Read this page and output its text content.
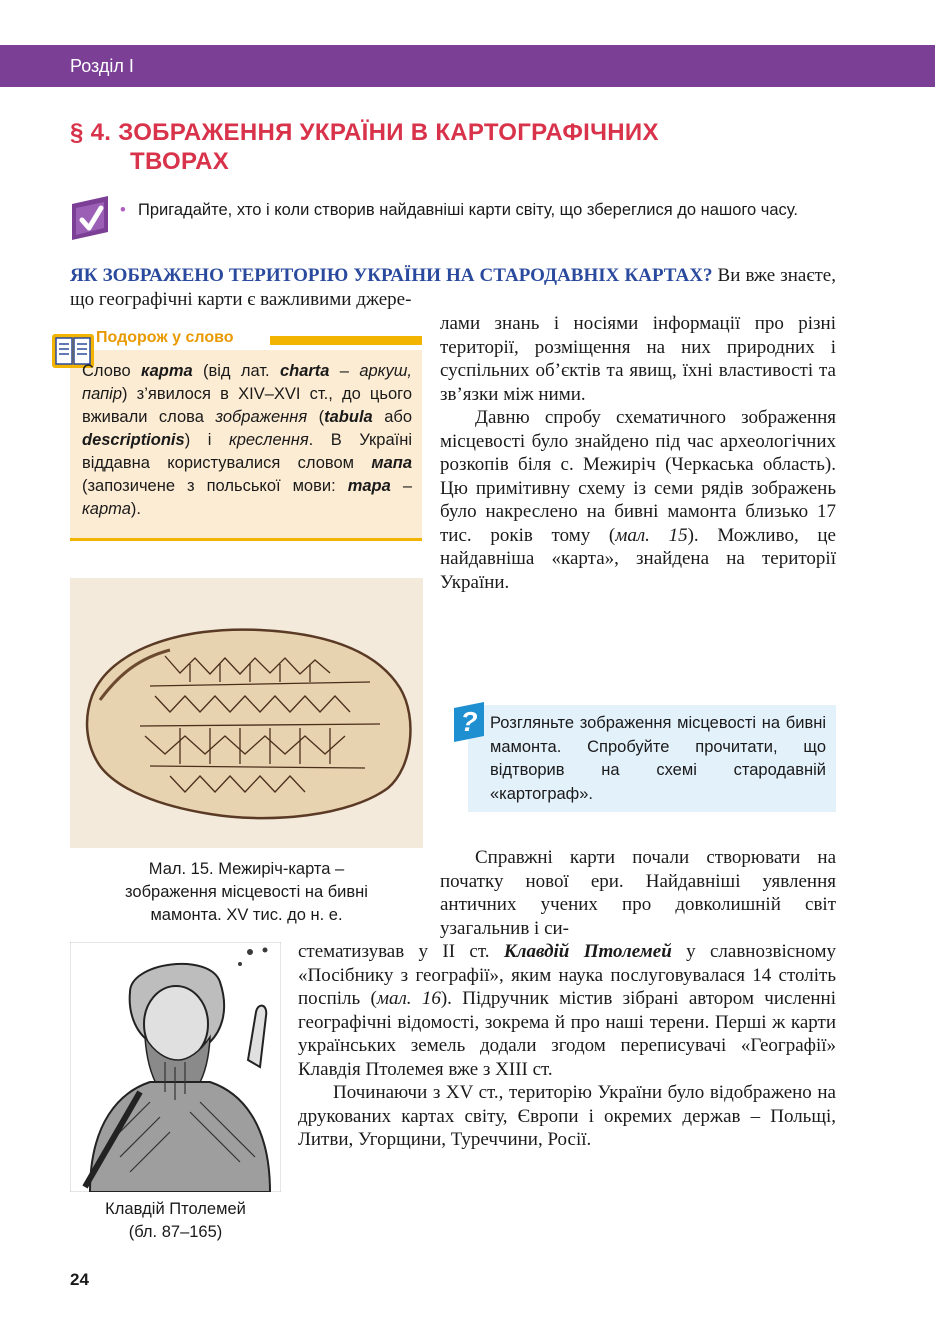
Розділ І
§ 4. ЗОБРАЖЕННЯ УКРАЇНИ В КАРТОГРАФІЧНИХ
ТВОРАХ
• Пригадайте, хто і коли створив найдавніші карти світу, що збереглися до нашого часу.
ЯК ЗОБРАЖЕНО ТЕРИТОРІЮ УКРАЇНИ НА СТАРОДАВНІХ КАРТАХ? Ви вже знаєте, що географічні карти є важливими джере-

лами знань і носіями інформації про різні території, розміщення на них природних і суспільних об’єктів та явищ, їхні властивості та зв’язки між ними.

Давню спробу схематичного зображення місцевості було знайдено під час археологічних розкопів біля с. Межиріч (Черкаська область). Цю примітивну схему із семи рядів зображень було накреслено на бивні мамонта близько 17 тис. років тому (мал. 15). Можливо, це найдавніша «карта», знайдена на території України.

Подорож у слово
Слово карта (від лат. charta – аркуш, папір) з’явилося в XIV–XVI ст., до цього вживали слова зображення (tabula або descriptionis) і креслення. В Україні віддавна користувалися словом мапа (запозичене з польської мови: mapa – карта).
Мал. 15. Межиріч-карта –
зображення місцевості на бивні
мамонта. XV тис. до н. е.
? Розгляньте зображення місцевості на бивні мамонта. Спробуйте прочитати, що відтворив на схемі стародавній «картограф».

Справжні карти почали створювати на початку нової ери. Найдавніші уявлення античних учених про довколишній світ узагальнив і си-

стематизував у ІІ ст. Клавдій Птолемей у славнозвісному «Посібнику з географії», яким наука послуговувалася 14 століть поспіль (мал. 16). Підручник містив зібрані автором численні географічні відомості, зокрема й про наші терени. Перші ж карти українських земель додали згодом переписувачі «Географії» Клавдія Птолемея вже з XIII ст.

Починаючи з XV ст., територію України було відображено на друкованих картах світу, Європи і окремих держав – Польщі, Литви, Угорщини, Туреччини, Росії.

Клавдій Птолемей
(бл. 87–165)
24
